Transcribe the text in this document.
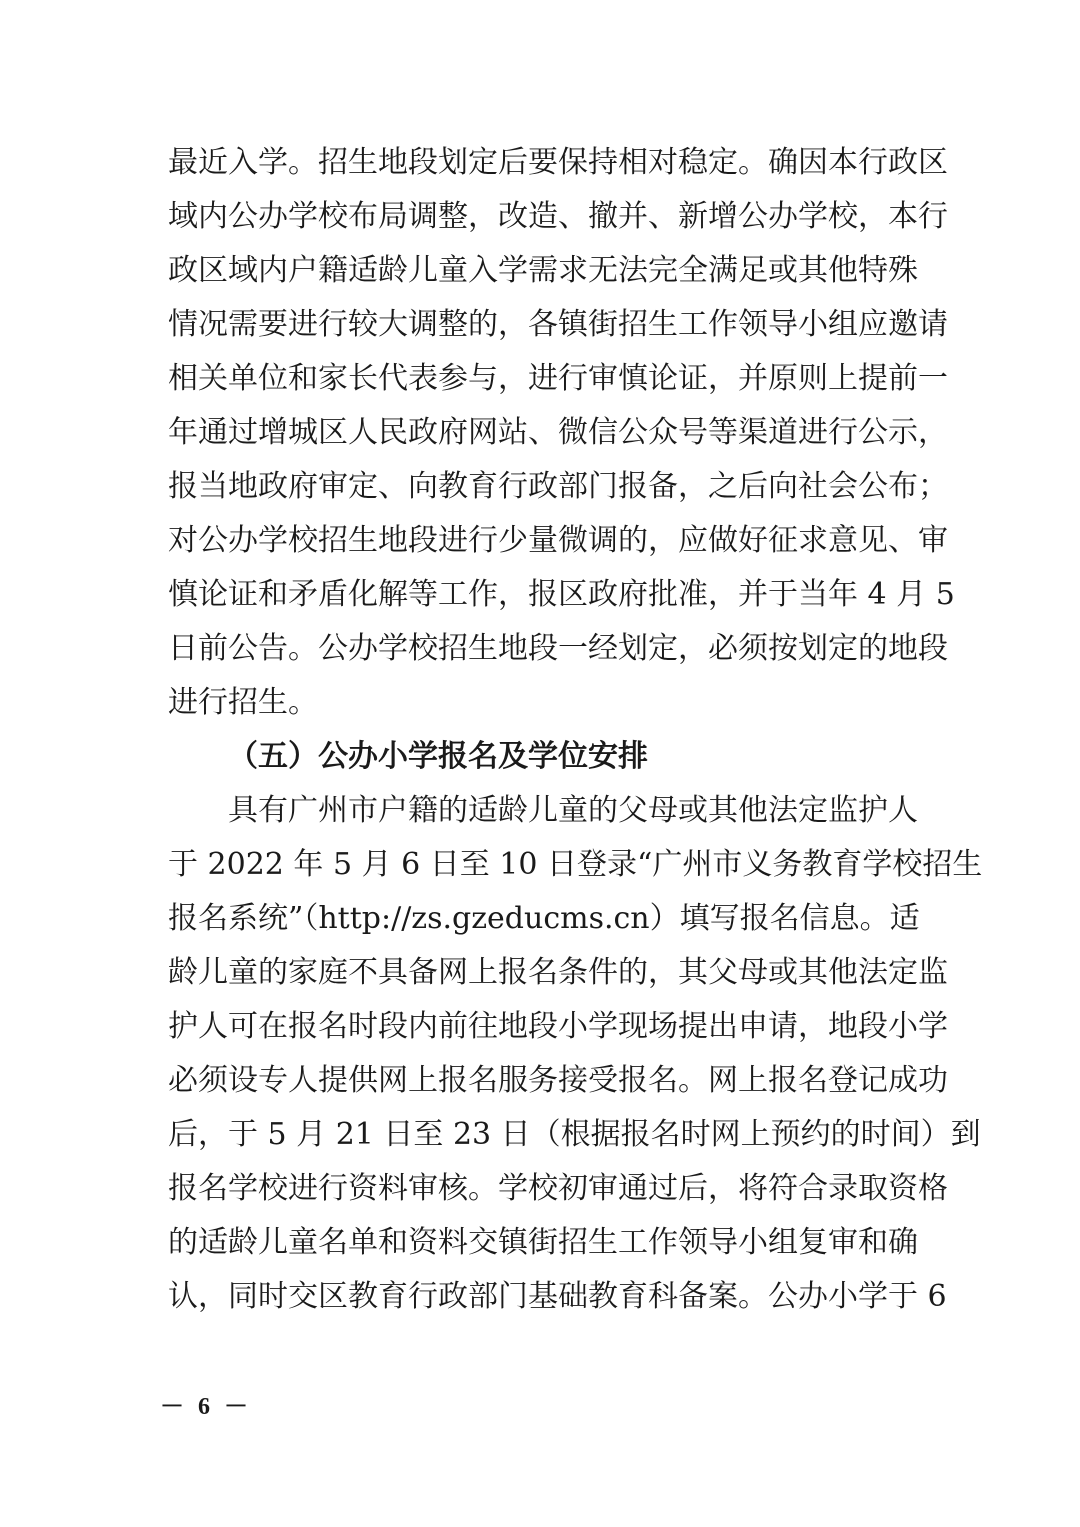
最近入学。招生地段划定后要保持相对稳定。确因本行政区
域内公办学校布局调整，改造、撤并、新增公办学校，本行
政区域内户籍适龄儿童入学需求无法完全满足或其他特殊
情况需要进行较大调整的，各镇街招生工作领导小组应邀请
相关单位和家长代表参与，进行审慎论证，并原则上提前一
年通过增城区人民政府网站、微信公众号等渠道进行公示，
报当地政府审定、向教育行政部门报备，之后向社会公布；
对公办学校招生地段进行少量微调的，应做好征求意见、审
慎论证和矛盾化解等工作，报区政府批准，并于当年 4 月 5
日前公告。公办学校招生地段一经划定，必须按划定的地段
进行招生。
（五）公办小学报名及学位安排
具有广州市户籍的适龄儿童的父母或其他法定监护人
于 2022 年 5 月 6 日至 10 日登录“广州市义务教育学校招生
报名系统”（http://zs.gzeducms.cn）填写报名信息。适
龄儿童的家庭不具备网上报名条件的，其父母或其他法定监
护人可在报名时段内前往地段小学现场提出申请，地段小学
必须设专人提供网上报名服务接受报名。网上报名登记成功
后，于 5 月 21 日至 23 日（根据报名时网上预约的时间）到
报名学校进行资料审核。学校初审通过后，将符合录取资格
的适龄儿童名单和资料交镇街招生工作领导小组复审和确
认，同时交区教育行政部门基础教育科备案。公办小学于 6
－ 6 －
